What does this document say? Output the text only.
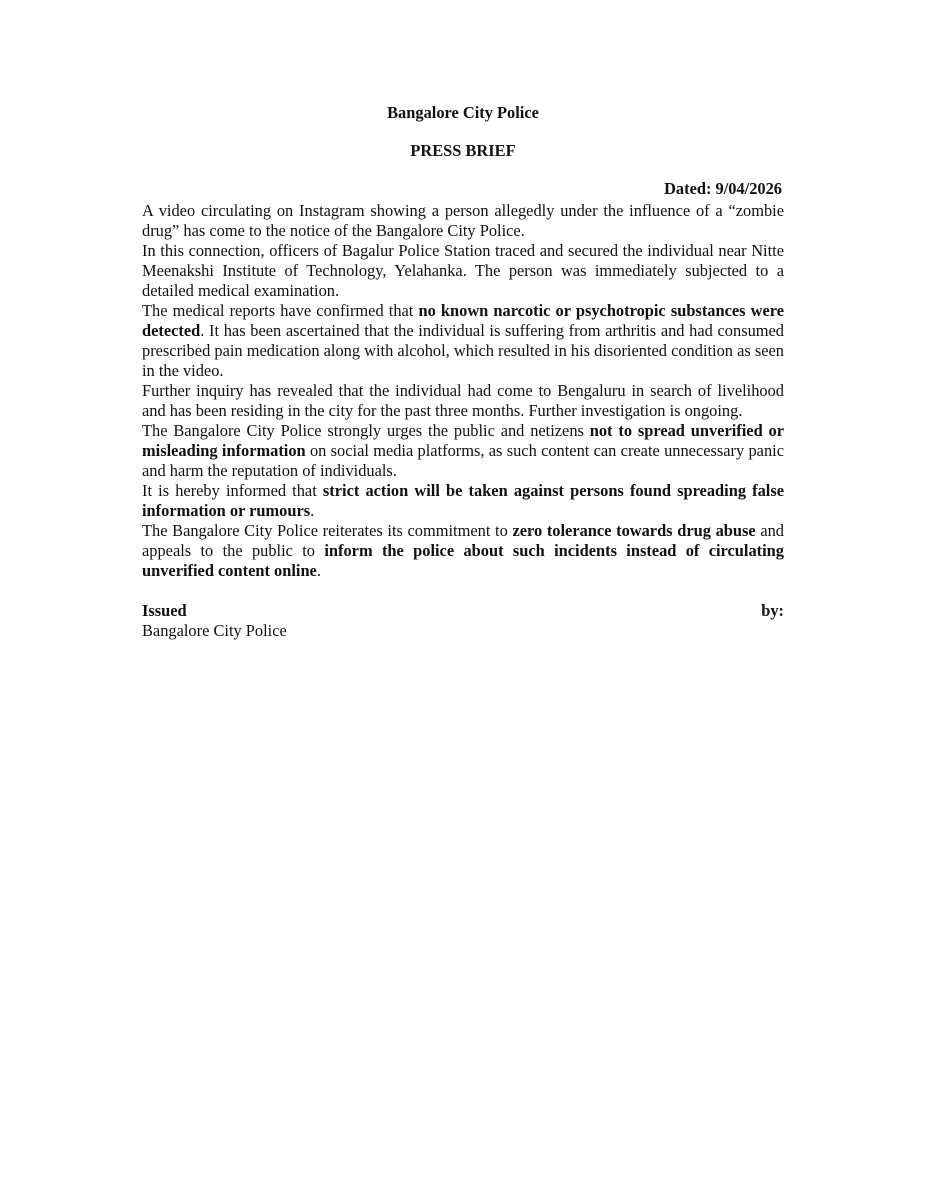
Bangalore City Police
PRESS BRIEF
Dated: 9/04/2026

A video circulating on Instagram showing a person allegedly under the influence of a “zombie drug” has come to the notice of the Bangalore City Police.

In this connection, officers of Bagalur Police Station traced and secured the individual near Nitte Meenakshi Institute of Technology, Yelahanka. The person was immediately subjected to a detailed medical examination.

The medical reports have confirmed that no known narcotic or psychotropic substances were detected. It has been ascertained that the individual is suffering from arthritis and had consumed prescribed pain medication along with alcohol, which resulted in his disoriented condition as seen in the video.

Further inquiry has revealed that the individual had come to Bengaluru in search of livelihood and has been residing in the city for the past three months. Further investigation is ongoing.

The Bangalore City Police strongly urges the public and netizens not to spread unverified or misleading information on social media platforms, as such content can create unnecessary panic and harm the reputation of individuals.

It is hereby informed that strict action will be taken against persons found spreading false information or rumours.

The Bangalore City Police reiterates its commitment to zero tolerance towards drug abuse and appeals to the public to inform the police about such incidents instead of circulating unverified content online.

Issued	by:
Bangalore City Police
